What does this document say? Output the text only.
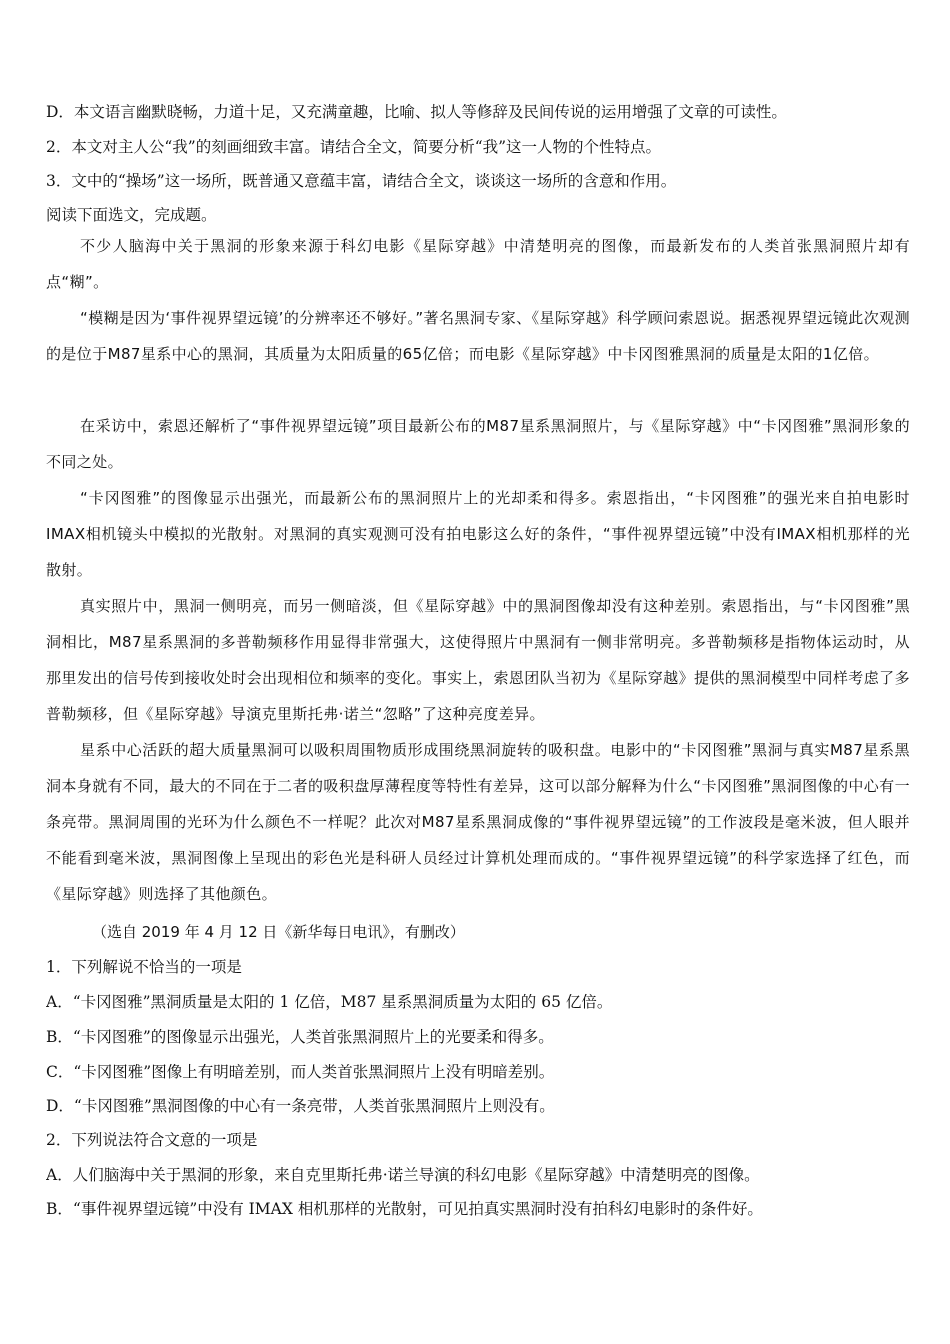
D．本文语言幽默晓畅，力道十足，又充满童趣，比喻、拟人等修辞及民间传说的运用增强了文章的可读性。
2．本文对主人公“我”的刻画细致丰富。请结合全文，简要分析“我”这一人物的个性特点。
3．文中的“操场”这一场所，既普通又意蕴丰富，请结合全文，谈谈这一场所的含意和作用。
阅读下面选文，完成题。
不少人脑海中关于黑洞的形象来源于科幻电影《星际穿越》中清楚明亮的图像，而最新发布的人类首张黑洞照片却有点“糊”。
“模糊是因为‘事件视界望远镜’的分辨率还不够好。”著名黑洞专家、《星际穿越》科学顾问索恩说。据悉视界望远镜此次观测的是位于M87星系中心的黑洞，其质量为太阳质量的65亿倍；而电影《星际穿越》中卡冈图雅黑洞的质量是太阳的1亿倍。
在采访中，索恩还解析了“事件视界望远镜”项目最新公布的M87星系黑洞照片，与《星际穿越》中“卡冈图雅”黑洞形象的不同之处。
“卡冈图雅”的图像显示出强光，而最新公布的黑洞照片上的光却柔和得多。索恩指出，“卡冈图雅”的强光来自拍电影时IMAX相机镜头中模拟的光散射。对黑洞的真实观测可没有拍电影这么好的条件，“事件视界望远镜”中没有IMAX相机那样的光散射。
真实照片中，黑洞一侧明亮，而另一侧暗淡，但《星际穿越》中的黑洞图像却没有这种差别。索恩指出，与“卡冈图雅”黑洞相比，M87星系黑洞的多普勒频移作用显得非常强大，这使得照片中黑洞有一侧非常明亮。多普勒频移是指物体运动时，从那里发出的信号传到接收处时会出现相位和频率的变化。事实上，索恩团队当初为《星际穿越》提供的黑洞模型中同样考虑了多普勒频移，但《星际穿越》导演克里斯托弗·诺兰“忽略”了这种亮度差异。
星系中心活跃的超大质量黑洞可以吸积周围物质形成围绕黑洞旋转的吸积盘。电影中的“卡冈图雅”黑洞与真实M87星系黑洞本身就有不同，最大的不同在于二者的吸积盘厚薄程度等特性有差异，这可以部分解释为什么“卡冈图雅”黑洞图像的中心有一条亮带。黑洞周围的光环为什么颜色不一样呢？此次对M87星系黑洞成像的“事件视界望远镜”的工作波段是毫米波，但人眼并不能看到毫米波，黑洞图像上呈现出的彩色光是科研人员经过计算机处理而成的。“事件视界望远镜”的科学家选择了红色，而《星际穿越》则选择了其他颜色。
（选自 2019 年 4 月 12 日《新华每日电讯》，有删改）
1．下列解说不恰当的一项是
A．“卡冈图雅”黑洞质量是太阳的 1 亿倍，M87 星系黑洞质量为太阳的 65 亿倍。
B．“卡冈图雅”的图像显示出强光，人类首张黑洞照片上的光要柔和得多。
C．“卡冈图雅”图像上有明暗差别，而人类首张黑洞照片上没有明暗差别。
D．“卡冈图雅”黑洞图像的中心有一条亮带，人类首张黑洞照片上则没有。
2．下列说法符合文意的一项是
A．人们脑海中关于黑洞的形象，来自克里斯托弗·诺兰导演的科幻电影《星际穿越》中清楚明亮的图像。
B．“事件视界望远镜”中没有 IMAX 相机那样的光散射，可见拍真实黑洞时没有拍科幻电影时的条件好。
